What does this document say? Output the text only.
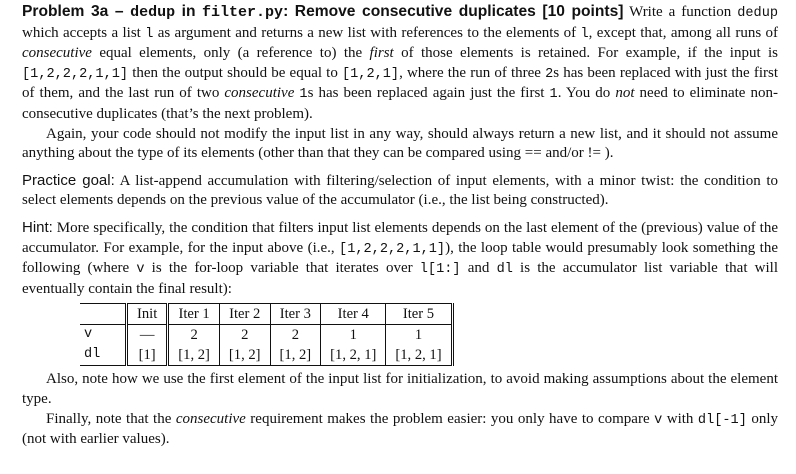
Problem 3a – dedup in filter.py: Remove consecutive duplicates [10 points] Write a function dedup which accepts a list l as argument and returns a new list with references to the elements of l, except that, among all runs of consecutive equal elements, only (a reference to) the first of those elements is retained. For example, if the input is [1,2,2,2,1,1] then the output should be equal to [1,2,1], where the run of three 2s has been replaced with just the first of them, and the last run of two consecutive 1s has been replaced again just the first 1. You do not need to eliminate non-consecutive duplicates (that’s the next problem).

Again, your code should not modify the input list in any way, should always return a new list, and it should not assume anything about the type of its elements (other than that they can be compared using == and/or != ).

Practice goal: A list-append accumulation with filtering/selection of input elements, with a minor twist: the condition to select elements depends on the previous value of the accumulator (i.e., the list being constructed).

Hint: More specifically, the condition that filters input list elements depends on the last element of the (previous) value of the accumulator. For example, for the input above (i.e., [1,2,2,2,1,1]), the loop table would presumably look something the following (where v is the for-loop variable that iterates over l[1:] and dl is the accumulator list variable that will eventually contain the final result):

	Init	Iter 1	Iter 2	Iter 3	Iter 4	Iter 5
v	—	2	2	2	1	1
dl	[1]	[1, 2]	[1, 2]	[1, 2]	[1, 2, 1]	[1, 2, 1]

Also, note how we use the first element of the input list for initialization, to avoid making assumptions about the element type.

Finally, note that the consecutive requirement makes the problem easier: you only have to compare v with dl[-1] only (not with earlier values).
